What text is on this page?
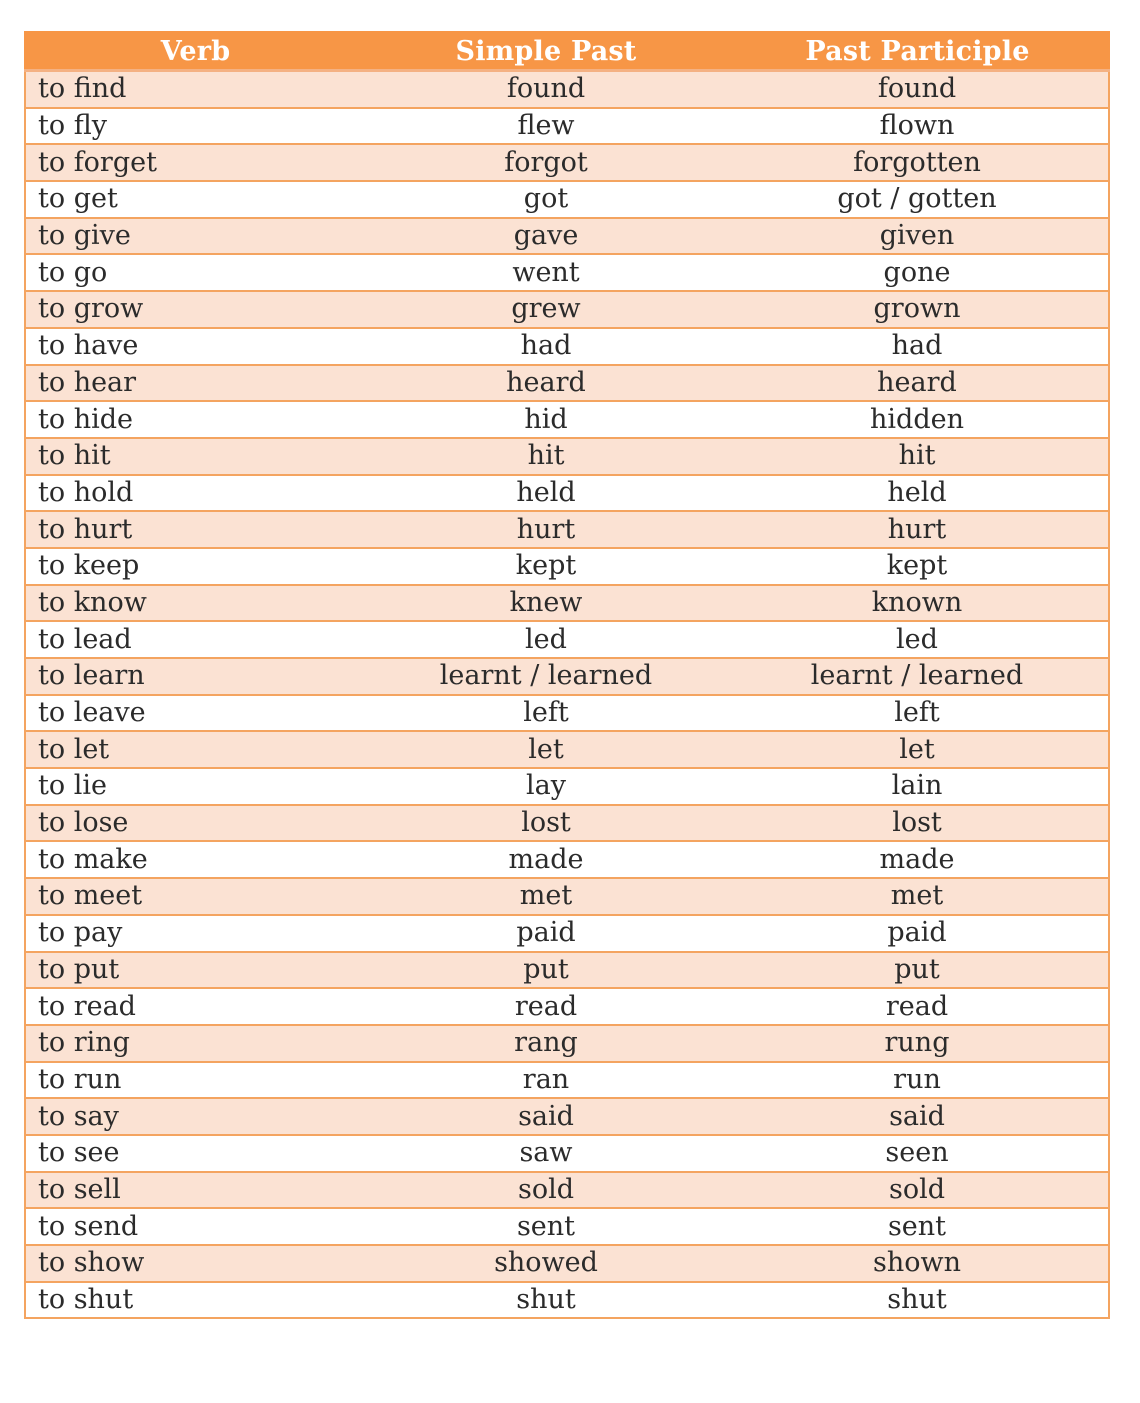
Verb	Simple Past	Past Participle
to find	found	found
to fly	flew	flown
to forget	forgot	forgotten
to get	got	got / gotten
to give	gave	given
to go	went	gone
to grow	grew	grown
to have	had	had
to hear	heard	heard
to hide	hid	hidden
to hit	hit	hit
to hold	held	held
to hurt	hurt	hurt
to keep	kept	kept
to know	knew	known
to lead	led	led
to learn	learnt / learned	learnt / learned
to leave	left	left
to let	let	let
to lie	lay	lain
to lose	lost	lost
to make	made	made
to meet	met	met
to pay	paid	paid
to put	put	put
to read	read	read
to ring	rang	rung
to run	ran	run
to say	said	said
to see	saw	seen
to sell	sold	sold
to send	sent	sent
to show	showed	shown
to shut	shut	shut
